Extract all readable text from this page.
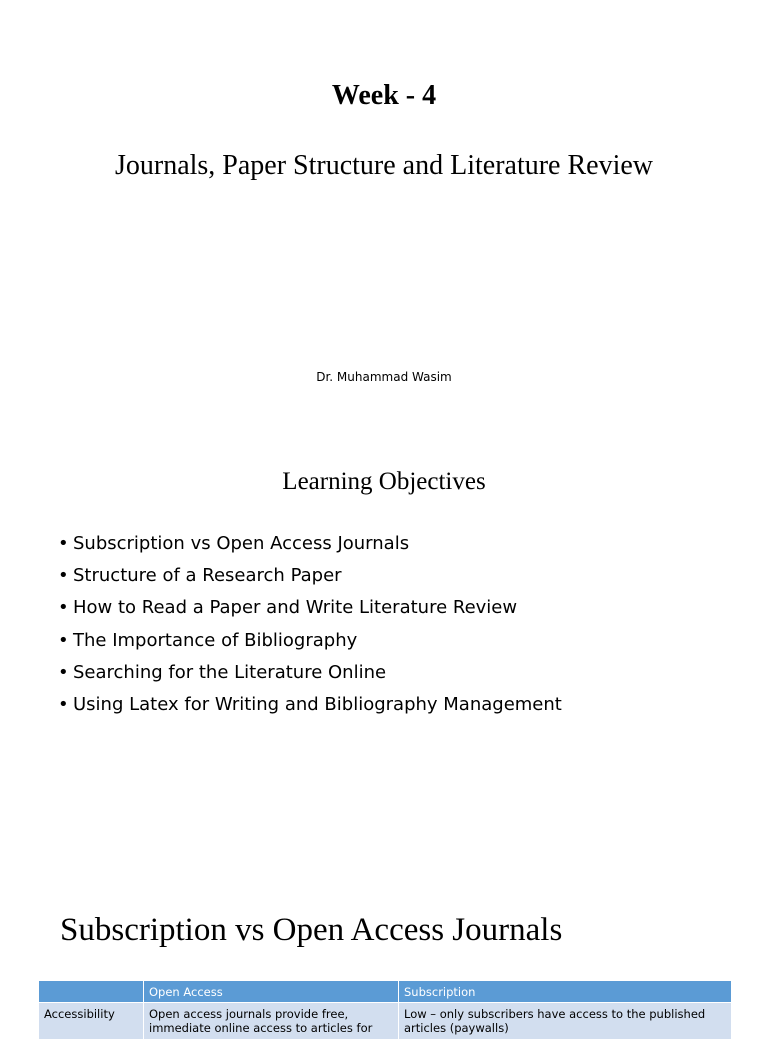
Week - 4
Journals, Paper Structure and Literature Review
Dr. Muhammad Wasim
Learning Objectives
• Subscription vs Open Access Journals
• Structure of a Research Paper
• How to Read a Paper and Write Literature Review
• The Importance of Bibliography
• Searching for the Literature Online
• Using Latex for Writing and Bibliography Management
Subscription vs Open Access Journals
	Open Access	Subscription
Accessibility	Open access journals provide free, immediate online access to articles for	Low – only subscribers have access to the published articles (paywalls)
